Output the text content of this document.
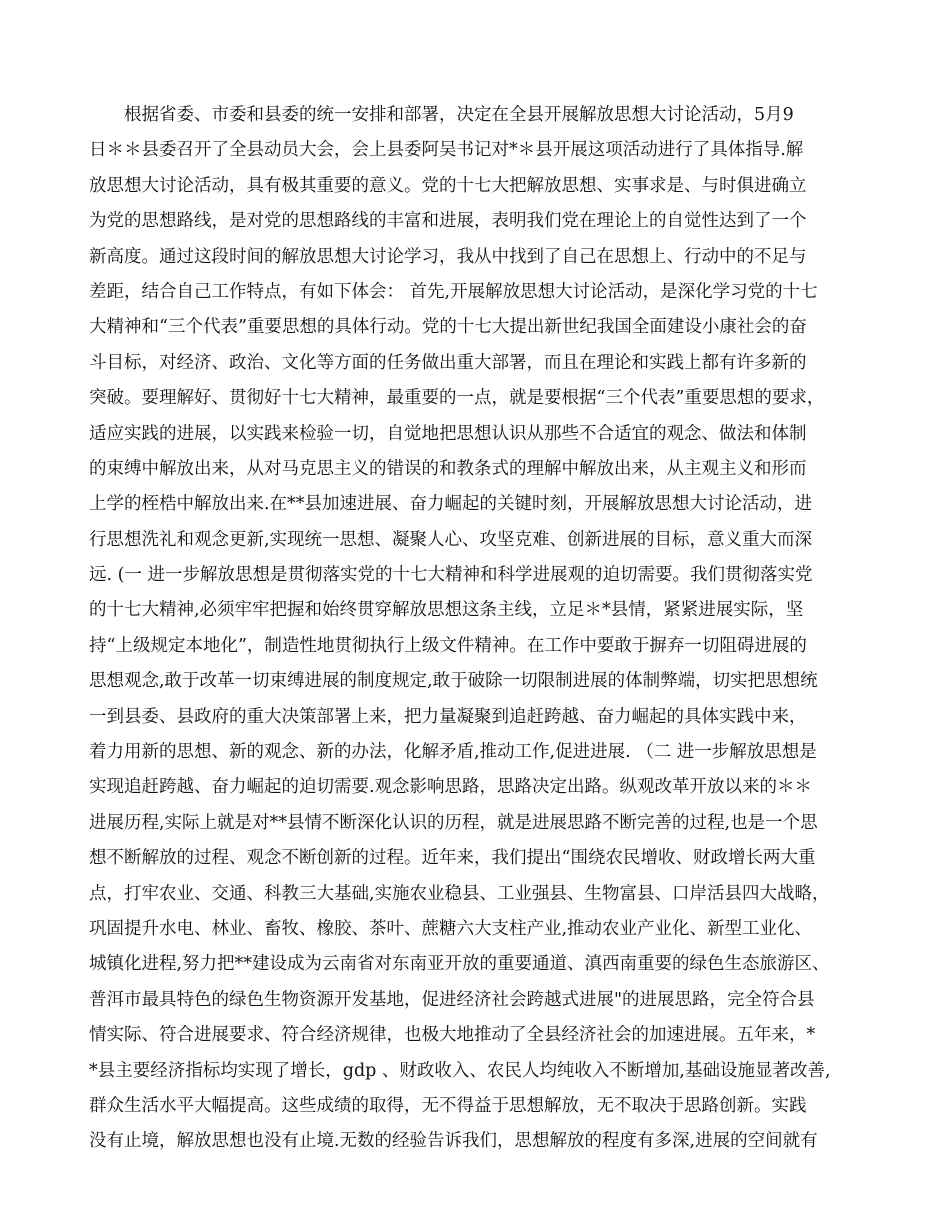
　　根据省委、市委和县委的统一安排和部署，决定在全县开展解放思想大讨论活动，5月9
日＊＊县委召开了全县动员大会，会上县委阿吴书记对*＊县开展这项活动进行了具体指导.解
放思想大讨论活动，具有极其重要的意义。党的十七大把解放思想、实事求是、与时俱进确立
为党的思想路线，是对党的思想路线的丰富和进展，表明我们党在理论上的自觉性达到了一个
新高度。通过这段时间的解放思想大讨论学习，我从中找到了自己在思想上、行动中的不足与
差距，结合自己工作特点，有如下体会： 首先,开展解放思想大讨论活动，是深化学习党的十七
大精神和“三个代表”重要思想的具体行动。党的十七大提出新世纪我国全面建设小康社会的奋
斗目标，对经济、政治、文化等方面的任务做出重大部署，而且在理论和实践上都有许多新的
突破。要理解好、贯彻好十七大精神，最重要的一点，就是要根据“三个代表”重要思想的要求，
适应实践的进展，以实践来检验一切，自觉地把思想认识从那些不合适宜的观念、做法和体制
的束缚中解放出来，从对马克思主义的错误的和教条式的理解中解放出来，从主观主义和形而
上学的桎梏中解放出来.在**县加速进展、奋力崛起的关键时刻，开展解放思想大讨论活动，进
行思想洗礼和观念更新,实现统一思想、凝聚人心、攻坚克难、创新进展的目标，意义重大而深
远. (一 进一步解放思想是贯彻落实党的十七大精神和科学进展观的迫切需要。我们贯彻落实党
的十七大精神,必须牢牢把握和始终贯穿解放思想这条主线，立足＊*县情，紧紧进展实际，坚
持“上级规定本地化”，制造性地贯彻执行上级文件精神。在工作中要敢于摒弃一切阻碍进展的
思想观念,敢于改革一切束缚进展的制度规定,敢于破除一切限制进展的体制弊端，切实把思想统
一到县委、县政府的重大决策部署上来，把力量凝聚到追赶跨越、奋力崛起的具体实践中来，
着力用新的思想、新的观念、新的办法，化解矛盾,推动工作,促进进展. （二 进一步解放思想是
实现追赶跨越、奋力崛起的迫切需要.观念影响思路，思路决定出路。纵观改革开放以来的＊＊
进展历程,实际上就是对**县情不断深化认识的历程，就是进展思路不断完善的过程,也是一个思
想不断解放的过程、观念不断创新的过程。近年来，我们提出“围绕农民增收、财政增长两大重
点，打牢农业、交通、科教三大基础,实施农业稳县、工业强县、生物富县、口岸活县四大战略，
巩固提升水电、林业、畜牧、橡胶、茶叶、蔗糖六大支柱产业,推动农业产业化、新型工业化、
城镇化进程,努力把**建设成为云南省对东南亚开放的重要通道、滇西南重要的绿色生态旅游区、
普洱市最具特色的绿色生物资源开发基地，促进经济社会跨越式进展"的进展思路，完全符合县
情实际、符合进展要求、符合经济规律，也极大地推动了全县经济社会的加速进展。五年来，*
*县主要经济指标均实现了增长，gdp 、财政收入、农民人均纯收入不断增加,基础设施显著改善,
群众生活水平大幅提高。这些成绩的取得，无不得益于思想解放，无不取决于思路创新。实践
没有止境，解放思想也没有止境.无数的经验告诉我们，思想解放的程度有多深,进展的空间就有
